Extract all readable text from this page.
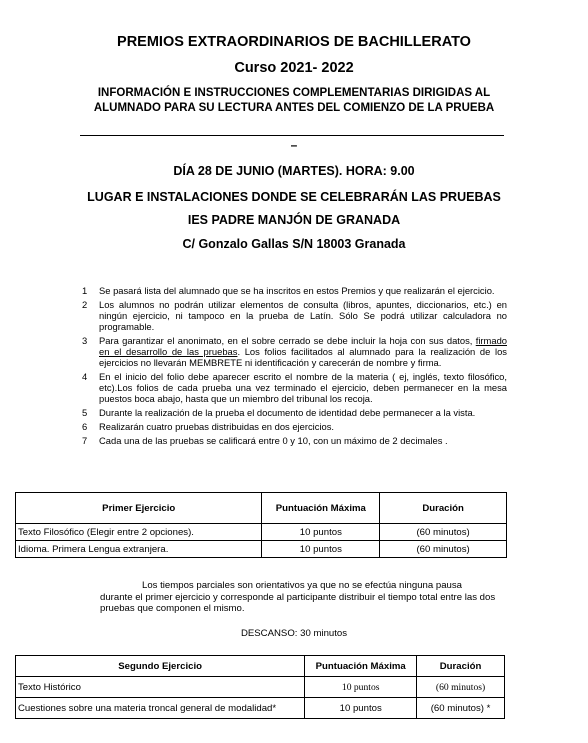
PREMIOS EXTRAORDINARIOS DE BACHILLERATO
Curso 2021- 2022
INFORMACIÓN E INSTRUCCIONES COMPLEMENTARIAS DIRIGIDAS AL
ALUMNADO PARA SU LECTURA ANTES DEL COMIENZO DE LA PRUEBA
–
DÍA 28 DE JUNIO (MARTES). HORA: 9.00
LUGAR E INSTALACIONES DONDE SE CELEBRARÁN LAS PRUEBAS
IES PADRE MANJÓN DE GRANADA
C/ Gonzalo Gallas S/N 18003 Granada
1 Se pasará lista del alumnado que se ha inscritos en estos Premios y que realizarán el ejercicio.
2 Los alumnos no podrán utilizar elementos de consulta (libros, apuntes, diccionarios, etc.) en ningún ejercicio, ni tampoco en la prueba de Latín. Sólo Se podrá utilizar calculadora no programable.
3 Para garantizar el anonimato, en el sobre cerrado se debe incluir la hoja con sus datos, firmado en el desarrollo de las pruebas. Los folios facilitados al alumnado para la realización de los ejercicios no llevarán MEMBRETE ni identificación y carecerán de nombre y firma.
4 En el inicio del folio debe aparecer escrito el nombre de la materia ( ej, inglés, texto filosófico, etc).Los folios de cada prueba una vez terminado el ejercicio, deben permanecer en la mesa puestos boca abajo, hasta que un miembro del tribunal los recoja.
5 Durante la realización de la prueba el documento de identidad debe permanecer a la vista.
6 Realizarán cuatro pruebas distribuidas en dos ejercicios.
7 Cada una de las pruebas se calificará entre 0 y 10, con un máximo de 2 decimales .
Primer Ejercicio	Puntuación Máxima	Duración
Texto Filosófico (Elegir entre 2 opciones).	10 puntos	(60 minutos)
Idioma. Primera Lengua extranjera.	10 puntos	(60 minutos)
Los tiempos parciales son orientativos ya que no se efectúa ninguna pausa
durante el primer ejercicio y corresponde al participante distribuir el tiempo total entre las dos pruebas que componen el mismo.
DESCANSO: 30 minutos
Segundo Ejercicio	Puntuación Máxima	Duración
Texto Histórico	10 puntos	(60 minutos)
Cuestiones sobre una materia troncal general de modalidad*	10 puntos	(60 minutos) *
